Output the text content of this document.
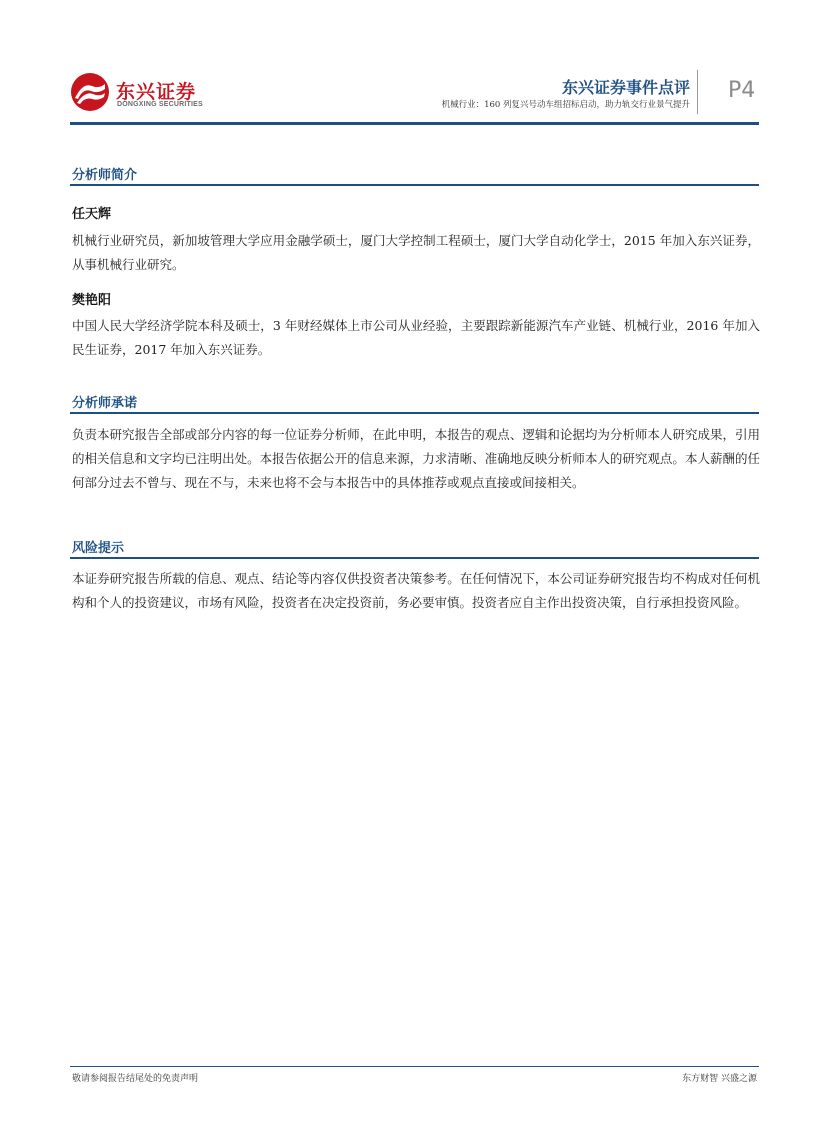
东兴证券
DONGXING SECURITIES
东兴证券事件点评
机械行业：160 列复兴号动车组招标启动，助力轨交行业景气提升
P4
分析师简介
任天辉
机械行业研究员，新加坡管理大学应用金融学硕士，厦门大学控制工程硕士，厦门大学自动化学士，2015 年加入东兴证券，从事机械行业研究。
樊艳阳
中国人民大学经济学院本科及硕士，3 年财经媒体上市公司从业经验，主要跟踪新能源汽车产业链、机械行业，2016 年加入民生证券，2017 年加入东兴证券。
分析师承诺
负责本研究报告全部或部分内容的每一位证券分析师，在此申明，本报告的观点、逻辑和论据均为分析师本人研究成果，引用的相关信息和文字均已注明出处。本报告依据公开的信息来源，力求清晰、准确地反映分析师本人的研究观点。本人薪酬的任何部分过去不曾与、现在不与，未来也将不会与本报告中的具体推荐或观点直接或间接相关。
风险提示
本证券研究报告所载的信息、观点、结论等内容仅供投资者决策参考。在任何情况下，本公司证券研究报告均不构成对任何机构和个人的投资建议，市场有风险，投资者在决定投资前，务必要审慎。投资者应自主作出投资决策，自行承担投资风险。
敬请参阅报告结尾处的免责声明	东方财智 兴盛之源
